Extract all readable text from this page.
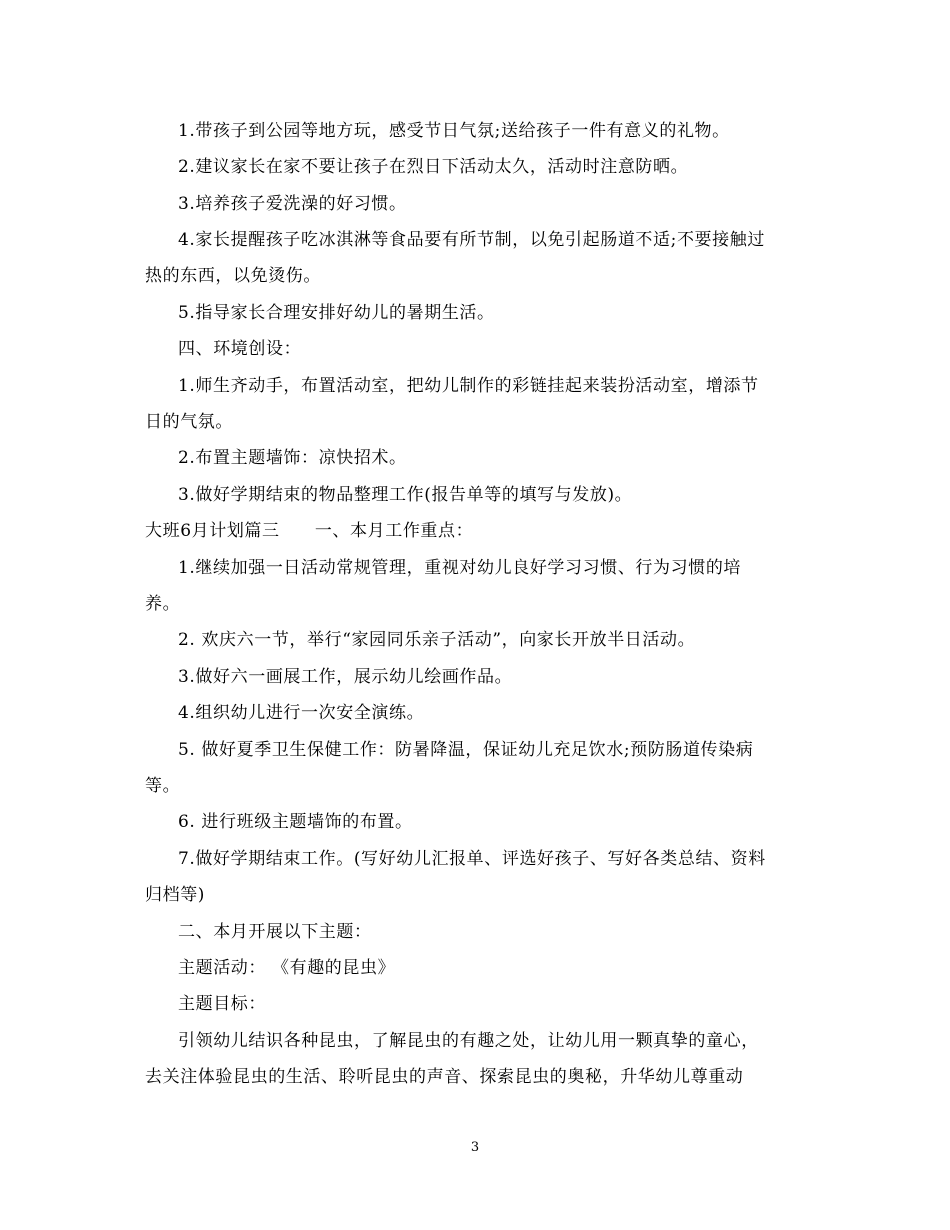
1.带孩子到公园等地方玩，感受节日气氛;送给孩子一件有意义的礼物。
2.建议家长在家不要让孩子在烈日下活动太久，活动时注意防晒。
3.培养孩子爱洗澡的好习惯。
4.家长提醒孩子吃冰淇淋等食品要有所节制，以免引起肠道不适;不要接触过
热的东西，以免烫伤。
5.指导家长合理安排好幼儿的暑期生活。
四、环境创设：
1.师生齐动手，布置活动室，把幼儿制作的彩链挂起来装扮活动室，增添节
日的气氛。
2.布置主题墙饰：凉快招术。
3.做好学期结束的物品整理工作(报告单等的填写与发放)。
大班6月计划篇三　　一、本月工作重点：
1.继续加强一日活动常规管理，重视对幼儿良好学习习惯、行为习惯的培
养。
2. 欢庆六一节，举行“家园同乐亲子活动”，向家长开放半日活动。
3.做好六一画展工作，展示幼儿绘画作品。
4.组织幼儿进行一次安全演练。
5. 做好夏季卫生保健工作：防暑降温，保证幼儿充足饮水;预防肠道传染病
等。
6. 进行班级主题墙饰的布置。
7.做好学期结束工作。(写好幼儿汇报单、评选好孩子、写好各类总结、资料
归档等)
二、本月开展以下主题：
主题活动： 《有趣的昆虫》
主题目标：
引领幼儿结识各种昆虫，了解昆虫的有趣之处，让幼儿用一颗真挚的童心，
去关注体验昆虫的生活、聆听昆虫的声音、探索昆虫的奥秘，升华幼儿尊重动
3
